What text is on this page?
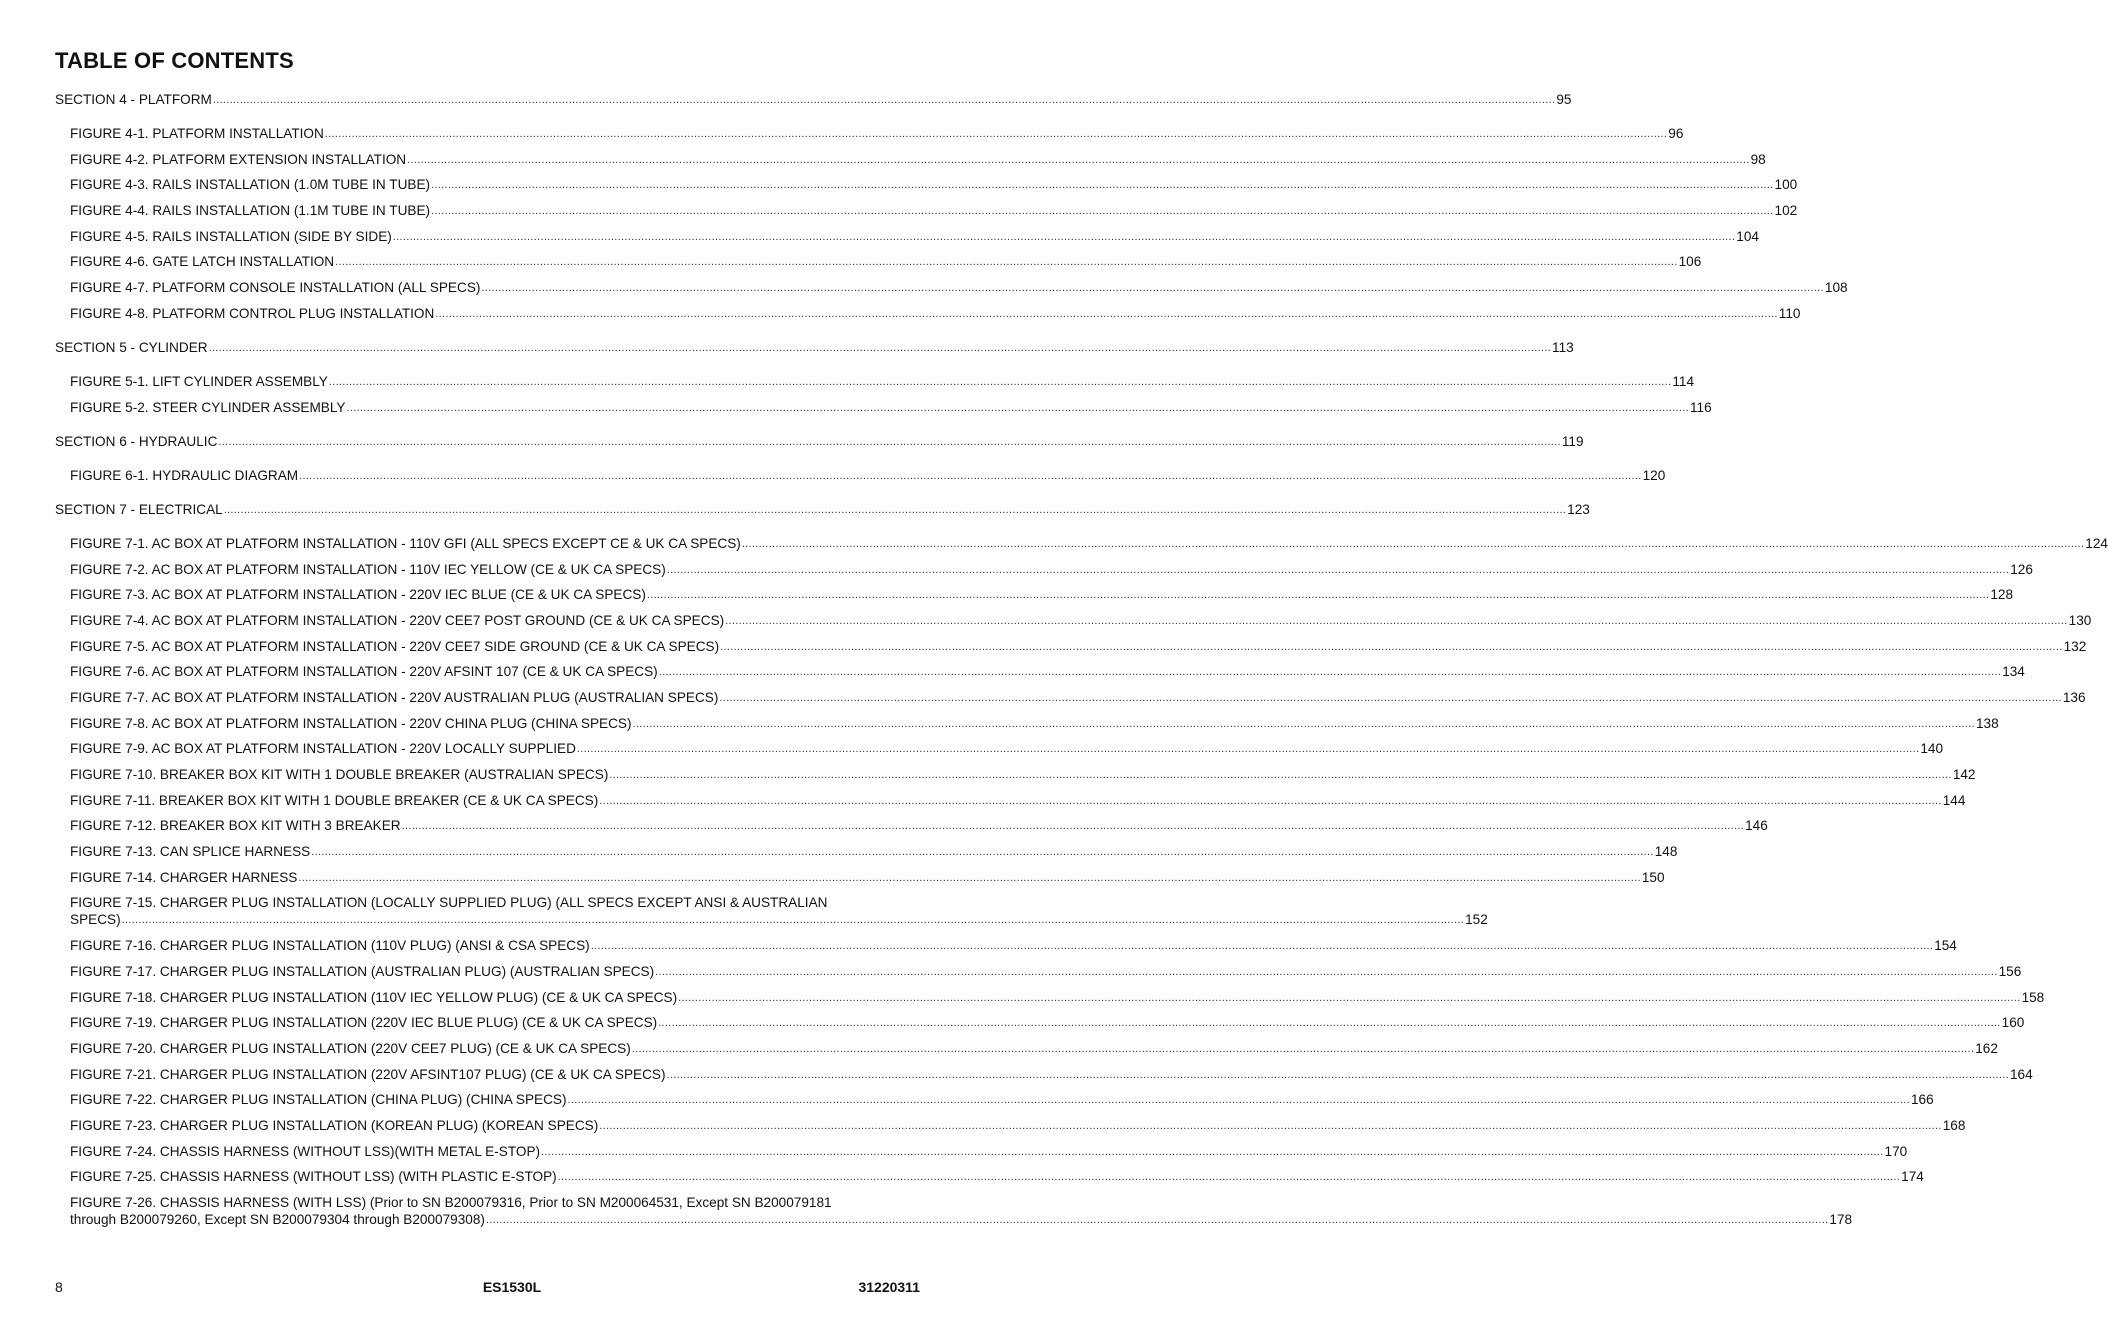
TABLE OF CONTENTS
SECTION 4 - PLATFORM ................................................................................................................................................................................................................................................................................................................................................................................................................ 95
FIGURE 4-1. PLATFORM INSTALLATION ................................................................................................................................................................................................................................................................................................................................................................................................................ 96
FIGURE 4-2. PLATFORM EXTENSION INSTALLATION ................................................................................................................................................................................................................................................................................................................................................................................................................ 98
FIGURE 4-3. RAILS INSTALLATION (1.0M TUBE IN TUBE) ................................................................................................................................................................................................................................................................................................................................................................................................................ 100
FIGURE 4-4. RAILS INSTALLATION (1.1M TUBE IN TUBE) ................................................................................................................................................................................................................................................................................................................................................................................................................ 102
FIGURE 4-5. RAILS INSTALLATION (SIDE BY SIDE) ................................................................................................................................................................................................................................................................................................................................................................................................................ 104
FIGURE 4-6. GATE LATCH INSTALLATION ................................................................................................................................................................................................................................................................................................................................................................................................................ 106
FIGURE 4-7. PLATFORM CONSOLE INSTALLATION (ALL SPECS) ................................................................................................................................................................................................................................................................................................................................................................................................................ 108
FIGURE 4-8. PLATFORM CONTROL PLUG INSTALLATION ................................................................................................................................................................................................................................................................................................................................................................................................................ 110
SECTION 5 - CYLINDER ................................................................................................................................................................................................................................................................................................................................................................................................................ 113
FIGURE 5-1. LIFT CYLINDER ASSEMBLY ................................................................................................................................................................................................................................................................................................................................................................................................................ 114
FIGURE 5-2. STEER CYLINDER ASSEMBLY ................................................................................................................................................................................................................................................................................................................................................................................................................ 116
SECTION 6 - HYDRAULIC ................................................................................................................................................................................................................................................................................................................................................................................................................ 119
FIGURE 6-1. HYDRAULIC DIAGRAM ................................................................................................................................................................................................................................................................................................................................................................................................................ 120
SECTION 7 - ELECTRICAL ................................................................................................................................................................................................................................................................................................................................................................................................................ 123
FIGURE 7-1. AC BOX AT PLATFORM INSTALLATION - 110V GFI (ALL SPECS EXCEPT CE & UK CA SPECS) ................................................................................................................................................................................................................................................................................................................................................................................................................ 124
FIGURE 7-2. AC BOX AT PLATFORM INSTALLATION - 110V IEC YELLOW (CE & UK CA SPECS) ................................................................................................................................................................................................................................................................................................................................................................................................................ 126
FIGURE 7-3. AC BOX AT PLATFORM INSTALLATION - 220V IEC BLUE (CE & UK CA SPECS) ................................................................................................................................................................................................................................................................................................................................................................................................................ 128
FIGURE 7-4. AC BOX AT PLATFORM INSTALLATION - 220V CEE7 POST GROUND (CE & UK CA SPECS) ................................................................................................................................................................................................................................................................................................................................................................................................................ 130
FIGURE 7-5. AC BOX AT PLATFORM INSTALLATION - 220V CEE7 SIDE GROUND (CE & UK CA SPECS) ................................................................................................................................................................................................................................................................................................................................................................................................................ 132
FIGURE 7-6. AC BOX AT PLATFORM INSTALLATION - 220V AFSINT 107 (CE & UK CA SPECS) ................................................................................................................................................................................................................................................................................................................................................................................................................ 134
FIGURE 7-7. AC BOX AT PLATFORM INSTALLATION - 220V AUSTRALIAN PLUG (AUSTRALIAN SPECS) ................................................................................................................................................................................................................................................................................................................................................................................................................ 136
FIGURE 7-8. AC BOX AT PLATFORM INSTALLATION - 220V CHINA PLUG (CHINA SPECS) ................................................................................................................................................................................................................................................................................................................................................................................................................ 138
FIGURE 7-9. AC BOX AT PLATFORM INSTALLATION - 220V LOCALLY SUPPLIED ................................................................................................................................................................................................................................................................................................................................................................................................................ 140
FIGURE 7-10. BREAKER BOX KIT WITH 1 DOUBLE BREAKER (AUSTRALIAN SPECS) ................................................................................................................................................................................................................................................................................................................................................................................................................ 142
FIGURE 7-11. BREAKER BOX KIT WITH 1 DOUBLE BREAKER (CE & UK CA SPECS) ................................................................................................................................................................................................................................................................................................................................................................................................................ 144
FIGURE 7-12. BREAKER BOX KIT WITH 3 BREAKER ................................................................................................................................................................................................................................................................................................................................................................................................................ 146
FIGURE 7-13. CAN SPLICE HARNESS ................................................................................................................................................................................................................................................................................................................................................................................................................ 148
FIGURE 7-14. CHARGER HARNESS ................................................................................................................................................................................................................................................................................................................................................................................................................ 150
FIGURE 7-15. CHARGER PLUG INSTALLATION (LOCALLY SUPPLIED PLUG) (ALL SPECS EXCEPT ANSI & AUSTRALIAN
SPECS) ................................................................................................................................................................................................................................................................................................................................................................................................................ 152
FIGURE 7-16. CHARGER PLUG INSTALLATION (110V PLUG) (ANSI & CSA SPECS) ................................................................................................................................................................................................................................................................................................................................................................................................................ 154
FIGURE 7-17. CHARGER PLUG INSTALLATION (AUSTRALIAN PLUG) (AUSTRALIAN SPECS) ................................................................................................................................................................................................................................................................................................................................................................................................................ 156
FIGURE 7-18. CHARGER PLUG INSTALLATION (110V IEC YELLOW PLUG) (CE & UK CA SPECS) ................................................................................................................................................................................................................................................................................................................................................................................................................ 158
FIGURE 7-19. CHARGER PLUG INSTALLATION (220V IEC BLUE PLUG) (CE & UK CA SPECS) ................................................................................................................................................................................................................................................................................................................................................................................................................ 160
FIGURE 7-20. CHARGER PLUG INSTALLATION (220V CEE7 PLUG) (CE & UK CA SPECS) ................................................................................................................................................................................................................................................................................................................................................................................................................ 162
FIGURE 7-21. CHARGER PLUG INSTALLATION (220V AFSINT107 PLUG) (CE & UK CA SPECS) ................................................................................................................................................................................................................................................................................................................................................................................................................ 164
FIGURE 7-22. CHARGER PLUG INSTALLATION (CHINA PLUG) (CHINA SPECS) ................................................................................................................................................................................................................................................................................................................................................................................................................ 166
FIGURE 7-23. CHARGER PLUG INSTALLATION (KOREAN PLUG) (KOREAN SPECS) ................................................................................................................................................................................................................................................................................................................................................................................................................ 168
FIGURE 7-24. CHASSIS HARNESS (WITHOUT LSS)(WITH METAL E-STOP) ................................................................................................................................................................................................................................................................................................................................................................................................................ 170
FIGURE 7-25. CHASSIS HARNESS (WITHOUT LSS) (WITH PLASTIC E-STOP) ................................................................................................................................................................................................................................................................................................................................................................................................................ 174
FIGURE 7-26. CHASSIS HARNESS (WITH LSS) (Prior to SN B200079316, Prior to SN M200064531, Except SN B200079181
through B200079260, Except SN B200079304 through B200079308) ................................................................................................................................................................................................................................................................................................................................................................................................................ 178
8	ES1530L	31220311
